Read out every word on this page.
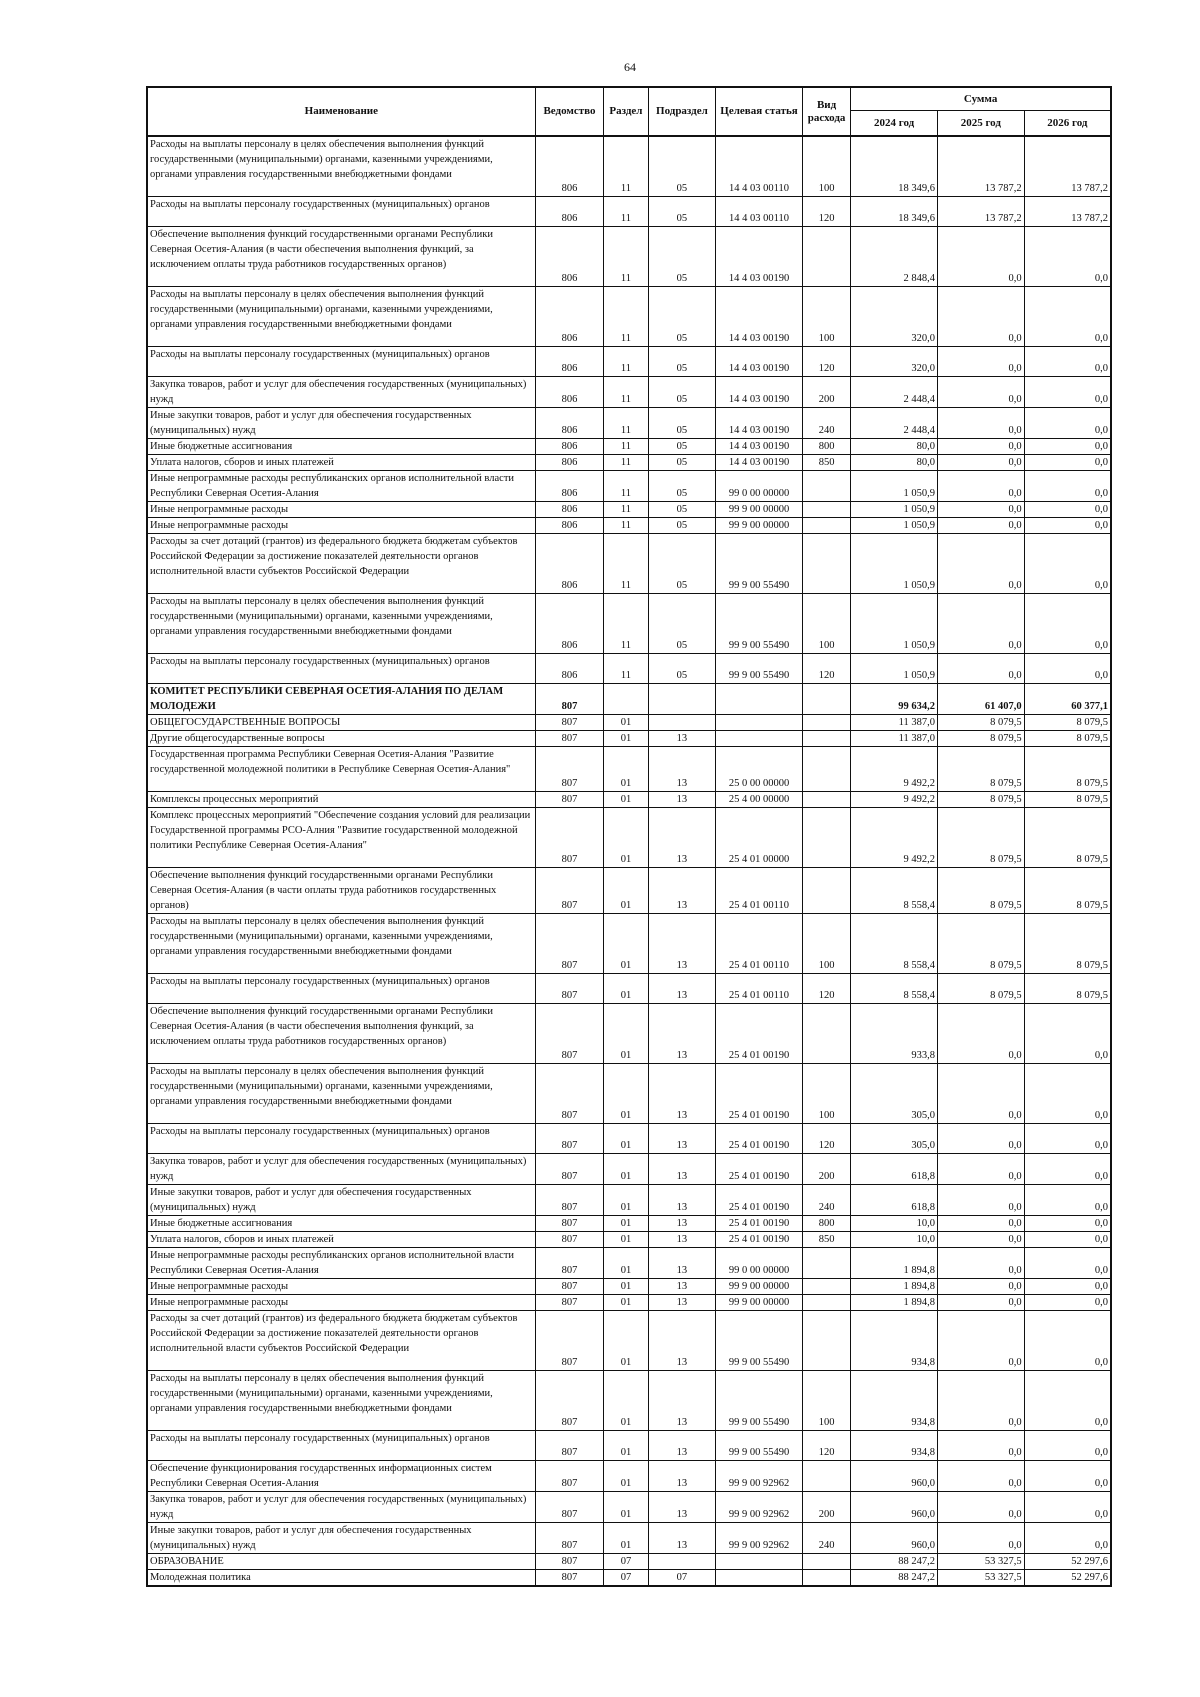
64
Наименование	Ведомство	Раздел	Подраздел	Целевая статья	Вид расхода	Сумма		
						2024 год	2025 год	2026 год
Расходы на выплаты персоналу в целях обеспечения выполнения функций государственными (муниципальными) органами, казенными учреждениями, органами управления государственными внебюджетными фондами	806	11	05	14 4 03 00110	100	18 349,6	13 787,2	13 787,2
Расходы на выплаты персоналу государственных (муниципальных) органов	806	11	05	14 4 03 00110	120	18 349,6	13 787,2	13 787,2
Обеспечение выполнения функций государственными органами Республики Северная Осетия-Алания (в части обеспечения выполнения функций, за исключением оплаты труда работников государственных органов)	806	11	05	14 4 03 00190		2 848,4	0,0	0,0
Расходы на выплаты персоналу в целях обеспечения выполнения функций государственными (муниципальными) органами, казенными учреждениями, органами управления государственными внебюджетными фондами	806	11	05	14 4 03 00190	100	320,0	0,0	0,0
Расходы на выплаты персоналу государственных (муниципальных) органов	806	11	05	14 4 03 00190	120	320,0	0,0	0,0
Закупка товаров, работ и услуг для обеспечения государственных (муниципальных) нужд	806	11	05	14 4 03 00190	200	2 448,4	0,0	0,0
Иные закупки товаров, работ и услуг для обеспечения государственных (муниципальных) нужд	806	11	05	14 4 03 00190	240	2 448,4	0,0	0,0
Иные бюджетные ассигнования	806	11	05	14 4 03 00190	800	80,0	0,0	0,0
Уплата налогов, сборов и иных платежей	806	11	05	14 4 03 00190	850	80,0	0,0	0,0
Иные непрограммные расходы республиканских органов исполнительной власти Республики Северная Осетия-Алания	806	11	05	99 0 00 00000		1 050,9	0,0	0,0
Иные непрограммные расходы	806	11	05	99 9 00 00000		1 050,9	0,0	0,0
Иные непрограммные расходы	806	11	05	99 9 00 00000		1 050,9	0,0	0,0
Расходы за счет дотаций (грантов) из федерального бюджета бюджетам субъектов Российской Федерации за достижение показателей деятельности органов исполнительной власти субъектов Российской Федерации	806	11	05	99 9 00 55490		1 050,9	0,0	0,0
Расходы на выплаты персоналу в целях обеспечения выполнения функций государственными (муниципальными) органами, казенными учреждениями, органами управления государственными внебюджетными фондами	806	11	05	99 9 00 55490	100	1 050,9	0,0	0,0
Расходы на выплаты персоналу государственных (муниципальных) органов	806	11	05	99 9 00 55490	120	1 050,9	0,0	0,0
КОМИТЕТ РЕСПУБЛИКИ СЕВЕРНАЯ ОСЕТИЯ-АЛАНИЯ ПО ДЕЛАМ МОЛОДЕЖИ	807					99 634,2	61 407,0	60 377,1
ОБЩЕГОСУДАРСТВЕННЫЕ ВОПРОСЫ	807	01				11 387,0	8 079,5	8 079,5
Другие общегосударственные вопросы	807	01	13			11 387,0	8 079,5	8 079,5
Государственная программа Республики Северная Осетия-Алания "Развитие государственной молодежной политики в Республике Северная Осетия-Алания"	807	01	13	25 0 00 00000		9 492,2	8 079,5	8 079,5
Комплексы процессных мероприятий	807	01	13	25 4 00 00000		9 492,2	8 079,5	8 079,5
Комплекс процессных мероприятий "Обеспечение создания условий для реализации Государственной программы РСО-Алния "Развитие государственной молодежной политики Республике Северная Осетия-Алания"	807	01	13	25 4 01 00000		9 492,2	8 079,5	8 079,5
Обеспечение выполнения функций государственными органами Республики Северная Осетия-Алания (в части оплаты труда работников государственных органов)	807	01	13	25 4 01 00110		8 558,4	8 079,5	8 079,5
Расходы на выплаты персоналу в целях обеспечения выполнения функций государственными (муниципальными) органами, казенными учреждениями, органами управления государственными внебюджетными фондами	807	01	13	25 4 01 00110	100	8 558,4	8 079,5	8 079,5
Расходы на выплаты персоналу государственных (муниципальных) органов	807	01	13	25 4 01 00110	120	8 558,4	8 079,5	8 079,5
Обеспечение выполнения функций государственными органами Республики Северная Осетия-Алания (в части обеспечения выполнения функций, за исключением оплаты труда работников государственных органов)	807	01	13	25 4 01 00190		933,8	0,0	0,0
Расходы на выплаты персоналу в целях обеспечения выполнения функций государственными (муниципальными) органами, казенными учреждениями, органами управления государственными внебюджетными фондами	807	01	13	25 4 01 00190	100	305,0	0,0	0,0
Расходы на выплаты персоналу государственных (муниципальных) органов	807	01	13	25 4 01 00190	120	305,0	0,0	0,0
Закупка товаров, работ и услуг для обеспечения государственных (муниципальных) нужд	807	01	13	25 4 01 00190	200	618,8	0,0	0,0
Иные закупки товаров, работ и услуг для обеспечения государственных (муниципальных) нужд	807	01	13	25 4 01 00190	240	618,8	0,0	0,0
Иные бюджетные ассигнования	807	01	13	25 4 01 00190	800	10,0	0,0	0,0
Уплата налогов, сборов и иных платежей	807	01	13	25 4 01 00190	850	10,0	0,0	0,0
Иные непрограммные расходы республиканских органов исполнительной власти Республики Северная Осетия-Алания	807	01	13	99 0 00 00000		1 894,8	0,0	0,0
Иные непрограммные расходы	807	01	13	99 9 00 00000		1 894,8	0,0	0,0
Иные непрограммные расходы	807	01	13	99 9 00 00000		1 894,8	0,0	0,0
Расходы за счет дотаций (грантов) из федерального бюджета бюджетам субъектов Российской Федерации за достижение показателей деятельности органов исполнительной власти субъектов Российской Федерации	807	01	13	99 9 00 55490		934,8	0,0	0,0
Расходы на выплаты персоналу в целях обеспечения выполнения функций государственными (муниципальными) органами, казенными учреждениями, органами управления государственными внебюджетными фондами	807	01	13	99 9 00 55490	100	934,8	0,0	0,0
Расходы на выплаты персоналу государственных (муниципальных) органов	807	01	13	99 9 00 55490	120	934,8	0,0	0,0
Обеспечение функционирования государственных информационных систем Республики Северная Осетия-Алания	807	01	13	99 9 00 92962		960,0	0,0	0,0
Закупка товаров, работ и услуг для обеспечения государственных (муниципальных) нужд	807	01	13	99 9 00 92962	200	960,0	0,0	0,0
Иные закупки товаров, работ и услуг для обеспечения государственных (муниципальных) нужд	807	01	13	99 9 00 92962	240	960,0	0,0	0,0
ОБРАЗОВАНИЕ	807	07				88 247,2	53 327,5	52 297,6
Молодежная политика	807	07	07			88 247,2	53 327,5	52 297,6
